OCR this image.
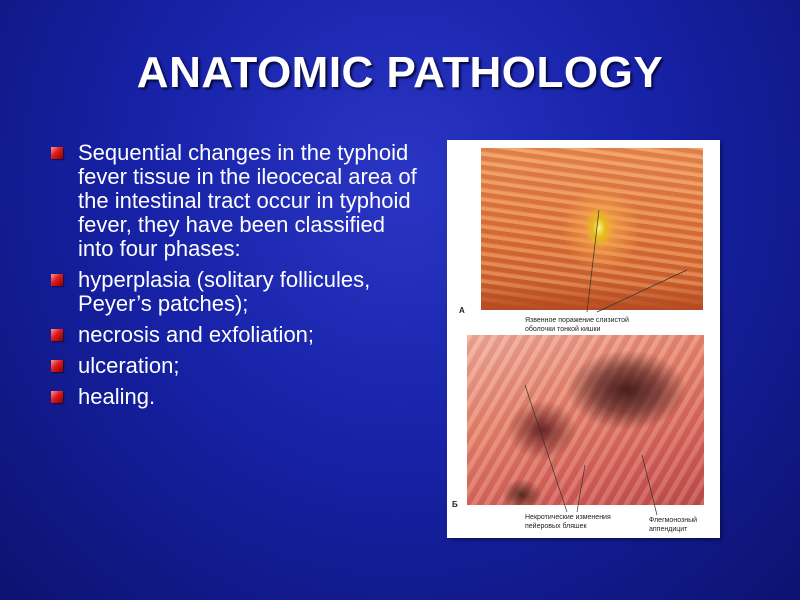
ANATOMIC PATHOLOGY
Sequential changes in the typhoid fever tissue in the ileocecal area of the intestinal tract occur in typhoid fever, they have been classified into four phases:
hyperplasia (solitary follicules, Peyer’s patches);
necrosis and exfoliation;
ulceration;
healing.
А
Язвенное поражение слизистой
оболочки тонкой кишки
Б
Некротические изменения
пейеровых бляшек
Флегмонозный
аппендицит
